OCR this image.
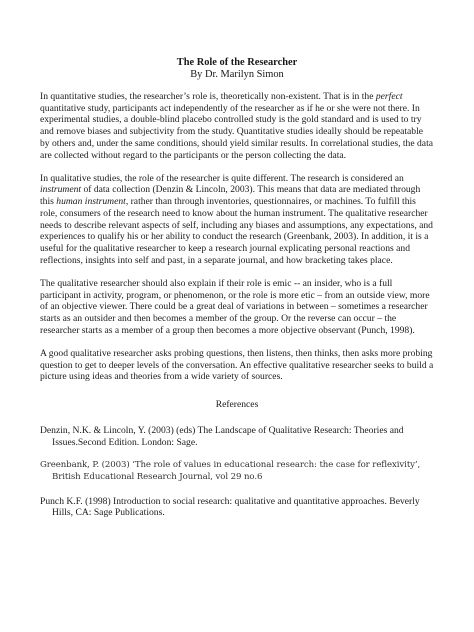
The Role of the Researcher

By Dr. Marilyn Simon

In quantitative studies, the researcher’s role is, theoretically non-existent. That is in the perfect quantitative study, participants act independently of the researcher as if he or she were not there. In experimental studies, a double-blind placebo controlled study is the gold standard and is used to try and remove biases and subjectivity from the study. Quantitative studies ideally should be repeatable by others and, under the same conditions, should yield similar results. In correlational studies, the data are collected without regard to the participants or the person collecting the data.

In qualitative studies, the role of the researcher is quite different. The research is considered an instrument of data collection (Denzin & Lincoln, 2003). This means that data are mediated through this human instrument, rather than through inventories, questionnaires, or machines. To fulfill this role, consumers of the research need to know about the human instrument. The qualitative researcher needs to describe relevant aspects of self, including any biases and assumptions, any expectations, and experiences to qualify his or her ability to conduct the research (Greenbank, 2003). In addition, it is a useful for the qualitative researcher to keep a research journal explicating personal reactions and reflections, insights into self and past, in a separate journal, and how bracketing takes place.

The qualitative researcher should also explain if their role is emic -- an insider, who is a full participant in activity, program, or phenomenon, or the role is more etic – from an outside view, more of an objective viewer. There could be a great deal of variations in between – sometimes a researcher starts as an outsider and then becomes a member of the group. Or the reverse can occur – the researcher starts as a member of a group then becomes a more objective observant (Punch, 1998).

A good qualitative researcher asks probing questions, then listens, then thinks, then asks more probing question to get to deeper levels of the conversation. An effective qualitative researcher seeks to build a picture using ideas and theories from a wide variety of sources.

References

Denzin, N.K. & Lincoln, Y. (2003) (eds) The Landscape of Qualitative Research: Theories and Issues.Second Edition. London: Sage.

Greenbank, P. (2003) ‘The role of values in educational research: the case for reflexivity’, British Educational Research Journal, vol 29 no.6

Punch K.F. (1998) Introduction to social research: qualitative and quantitative approaches. Beverly Hills, CA: Sage Publications.
